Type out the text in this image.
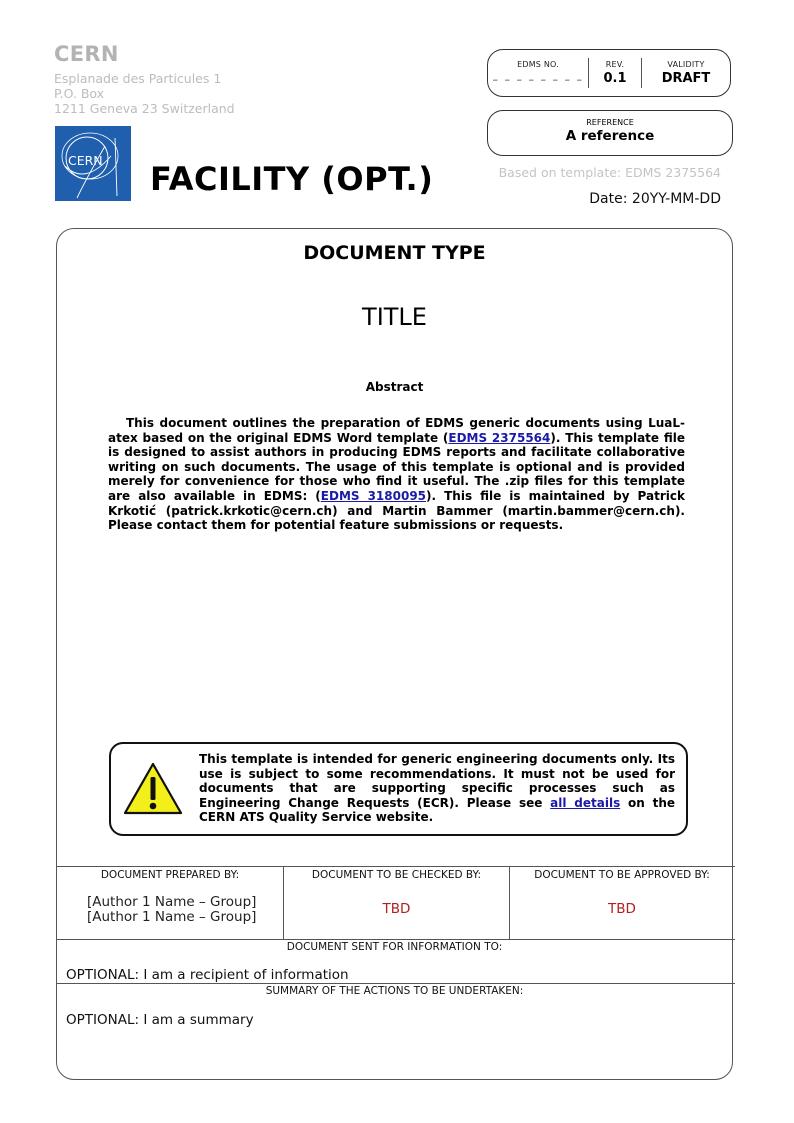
CERN
Esplanade des Particules 1
P.O. Box
1211 Geneva 23 Switzerland
CERN FACILITY (OPT.)
EDMS NO.
– – – – – – – –
REV.
0.1
VALIDITY
DRAFT
REFERENCE
A reference
Based on template: EDMS 2375564
Date: 20YY-MM-DD
DOCUMENT TYPE
TITLE
Abstract
This document outlines the preparation of EDMS generic documents using LuaL-atex based on the original EDMS Word template (EDMS 2375564). This template file is designed to assist authors in producing EDMS reports and facilitate collaborative writing on such documents. The usage of this template is optional and is provided merely for convenience for those who find it useful. The .zip files for this template are also available in EDMS: (EDMS 3180095). This file is maintained by Patrick Krkotić (patrick.krkotic@cern.ch) and Martin Bammer (martin.bammer@cern.ch). Please contact them for potential feature submissions or requests.
This template is intended for generic engineering documents only. Its use is subject to some recommendations. It must not be used for documents that are supporting specific processes such as Engineering Change Requests (ECR). Please see all details on the CERN ATS Quality Service website.
DOCUMENT PREPARED BY:	DOCUMENT TO BE CHECKED BY:	DOCUMENT TO BE APPROVED BY:
[Author 1 Name – Group]
[Author 1 Name – Group]	TBD	TBD
DOCUMENT SENT FOR INFORMATION TO:
OPTIONAL: I am a recipient of information
SUMMARY OF THE ACTIONS TO BE UNDERTAKEN:
OPTIONAL: I am a summary
